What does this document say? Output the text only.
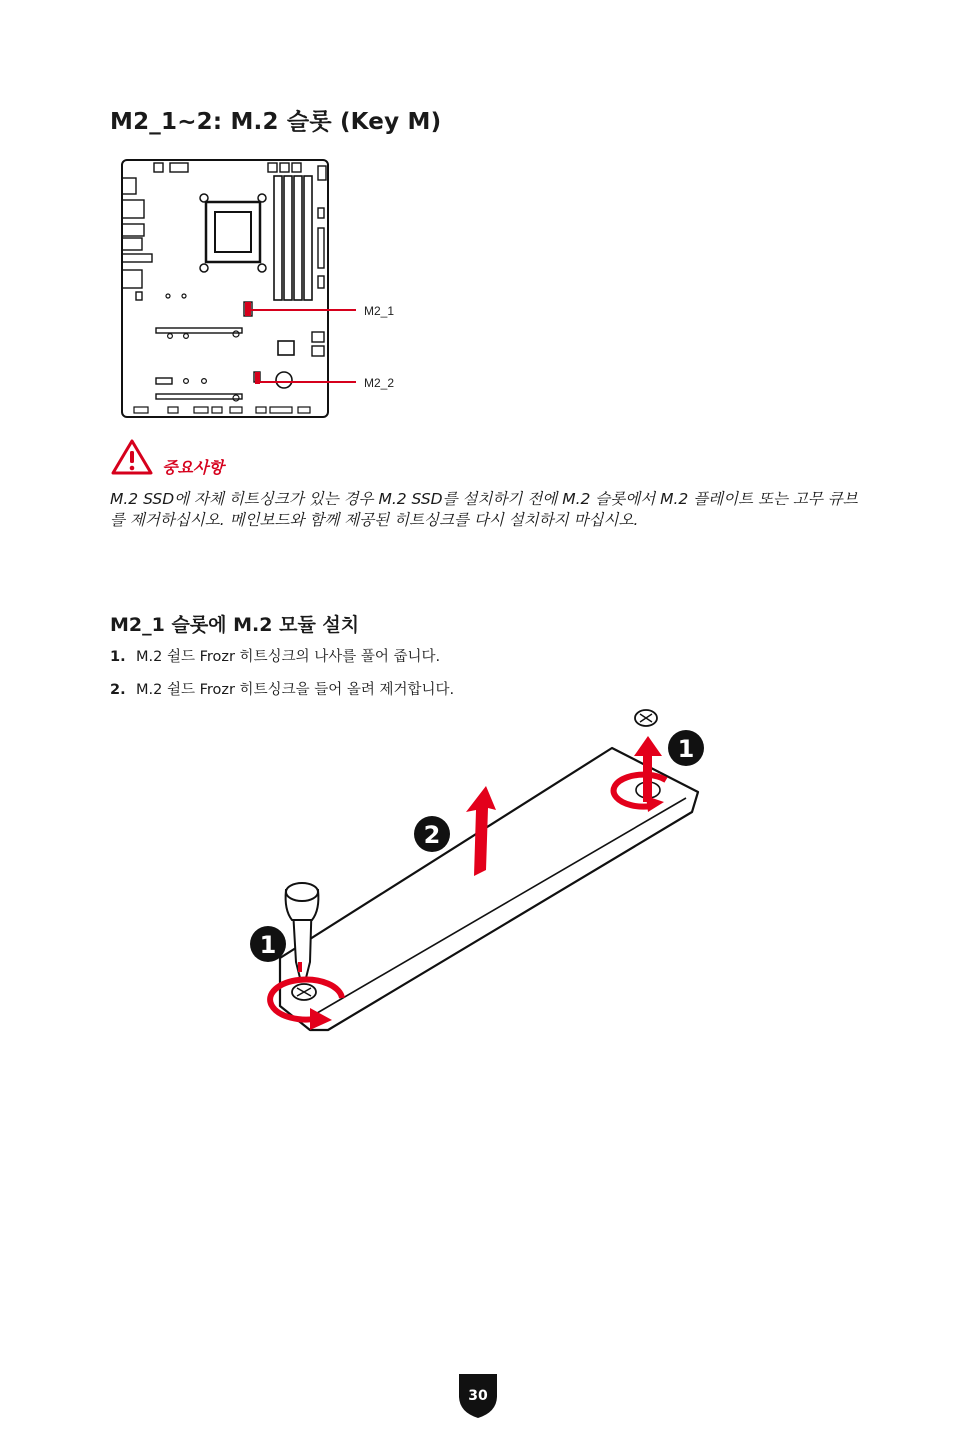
M2_1~2: M.2 슬롯 (Key M)
M2_1
M2_2
중요사항
M.2 SSD에 자체 히트싱크가 있는 경우 M.2 SSD를 설치하기 전에 M.2 슬롯에서 M.2 플레이트 또는 고무 큐브를 제거하십시오. 메인보드와 함께 제공된 히트싱크를 다시 설치하지 마십시오.
M2_1 슬롯에 M.2 모듈 설치
1. M.2 쉴드 Frozr 히트싱크의 나사를 풀어 줍니다.
2. M.2 쉴드 Frozr 히트싱크을 들어 올려 제거합니다.
1
2
1
30
